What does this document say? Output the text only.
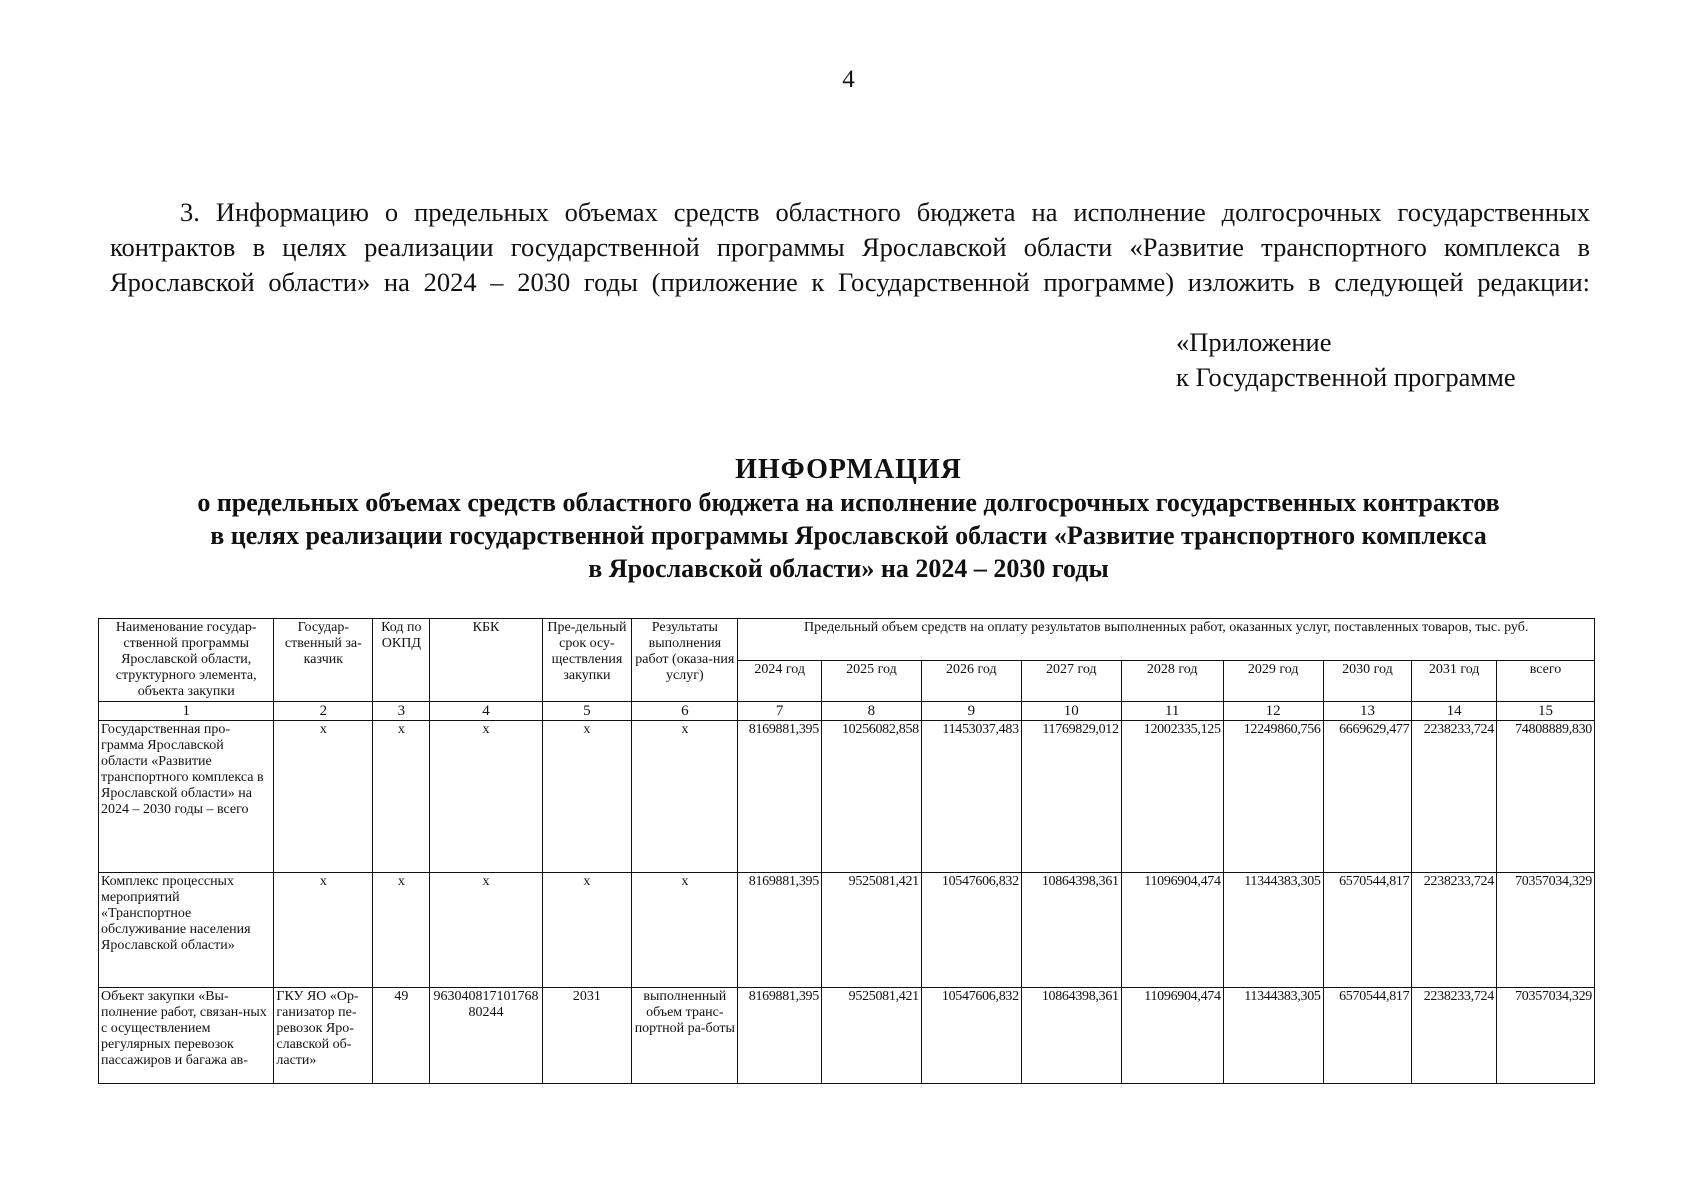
4
3. Информацию о предельных объемах средств областного бюджета на исполнение долгосрочных государственных
контрактов в целях реализации государственной программы Ярославской области «Развитие транспортного комплекса в
Ярославской области» на 2024 – 2030 годы (приложение к Государственной программе) изложить в следующей редакции:
«Приложение
к Государственной программе
ИНФОРМАЦИЯ
о предельных объемах средств областного бюджета на исполнение долгосрочных государственных контрактов
в целях реализации государственной программы Ярославской области «Развитие транспортного комплекса
в Ярославской области» на 2024 – 2030 годы
Наименование государ-ственной программы Ярославской области, структурного элемента, объекта закупки	Государ-ственный за-казчик	Код по ОКПД	КБК	Пре-дельный срок осу-ществления закупки	Результаты выполнения работ (оказа-ния услуг)	Предельный объем средств на оплату результатов выполненных работ, оказанных услуг, поставленных товаров, тыс. руб.								
						2024 год	2025 год	2026 год	2027 год	2028 год	2029 год	2030 год	2031 год	всего
1	2	3	4	5	6	7	8	9	10	11	12	13	14	15
Государственная про-грамма Ярославской области «Развитие транспортного комплекса в Ярославской области» на 2024 – 2030 годы – всего	х	х	х	х	х	8169881,395	10256082,858	11453037,483	11769829,012	12002335,125	12249860,756	6669629,477	2238233,724	74808889,830
Комплекс процессных мероприятий «Транспортное обслуживание населения Ярославской области»	х	х	х	х	х	8169881,395	9525081,421	10547606,832	10864398,361	11096904,474	11344383,305	6570544,817	2238233,724	70357034,329
Объект закупки «Вы-полнение работ, связан-ных с осуществлением регулярных перевозок пассажиров и багажа ав-	ГКУ ЯО «Ор-ганизатор пе-ревозок Яро-славской об-ласти»	49	96304081710176880244	2031	выполненный объем транс-портной ра-боты	8169881,395	9525081,421	10547606,832	10864398,361	11096904,474	11344383,305	6570544,817	2238233,724	70357034,329
